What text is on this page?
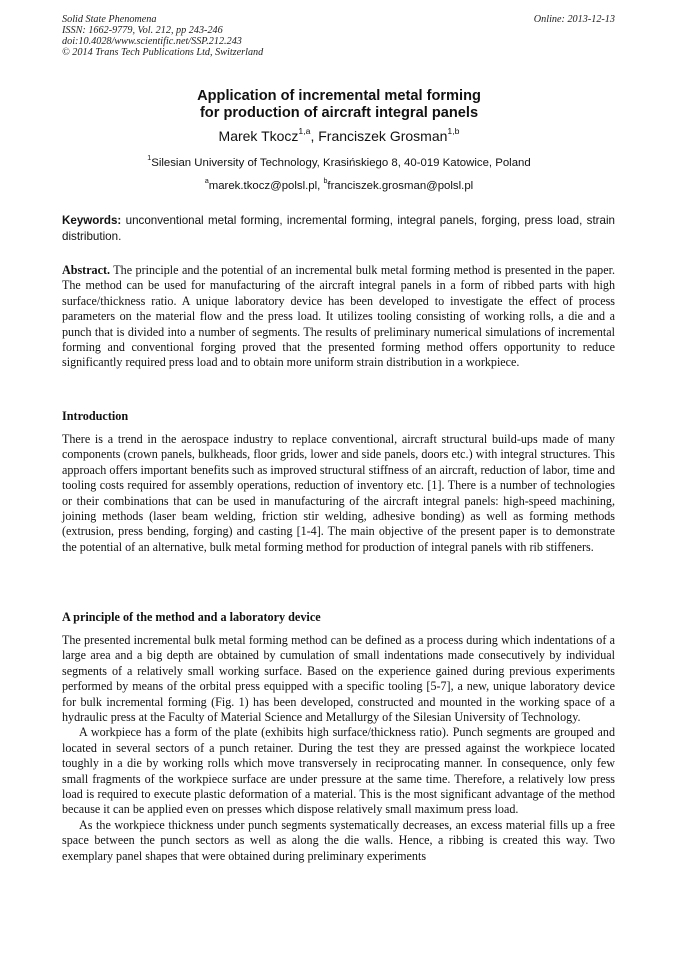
Solid State Phenomena
ISSN: 1662-9779, Vol. 212, pp 243-246
doi:10.4028/www.scientific.net/SSP.212.243
© 2014 Trans Tech Publications Ltd, Switzerland
Online: 2013-12-13
Application of incremental metal forming
for production of aircraft integral panels
Marek Tkocz$^{1,a}$, Franciszek Grosman$^{1,b}$
$^1$Silesian University of Technology, Krasińskiego 8, 40-019 Katowice, Poland
$^a$marek.tkocz@polsl.pl, $^b$franciszek.grosman@polsl.pl
Keywords: unconventional metal forming, incremental forming, integral panels, forging, press load, strain distribution.
Abstract. The principle and the potential of an incremental bulk metal forming method is presented in the paper. The method can be used for manufacturing of the aircraft integral panels in a form of ribbed parts with high surface/thickness ratio. A unique laboratory device has been developed to investigate the effect of process parameters on the material flow and the press load. It utilizes tooling consisting of working rolls, a die and a punch that is divided into a number of segments. The results of preliminary numerical simulations of incremental forming and conventional forging proved that the presented forming method offers opportunity to reduce significantly required press load and to obtain more uniform strain distribution in a workpiece.
Introduction

There is a trend in the aerospace industry to replace conventional, aircraft structural build-ups made of many components (crown panels, bulkheads, floor grids, lower and side panels, doors etc.) with integral structures. This approach offers important benefits such as improved structural stiffness of an aircraft, reduction of labor, time and tooling costs required for assembly operations, reduction of inventory etc. [1]. There is a number of technologies or their combinations that can be used in manufacturing of the aircraft integral panels: high-speed machining, joining methods (laser beam welding, friction stir welding, adhesive bonding) as well as forming methods (extrusion, press bending, forging) and casting [1-4]. The main objective of the present paper is to demonstrate the potential of an alternative, bulk metal forming method for production of integral panels with rib stiffeners.

A principle of the method and a laboratory device

The presented incremental bulk metal forming method can be defined as a process during which indentations of a large area and a big depth are obtained by cumulation of small indentations made consecutively by individual segments of a relatively small working surface. Based on the experience gained during previous experiments performed by means of the orbital press equipped with a specific tooling [5-7], a new, unique laboratory device for bulk incremental forming (Fig. 1) has been developed, constructed and mounted in the working space of a hydraulic press at the Faculty of Material Science and Metallurgy of the Silesian University of Technology.

A workpiece has a form of the plate (exhibits high surface/thickness ratio). Punch segments are grouped and located in several sectors of a punch retainer. During the test they are pressed against the workpiece located toughly in a die by working rolls which move transversely in reciprocating manner. In consequence, only few small fragments of the workpiece surface are under pressure at the same time. Therefore, a relatively low press load is required to execute plastic deformation of a material. This is the most significant advantage of the method because it can be applied even on presses which dispose relatively small maximum press load.

As the workpiece thickness under punch segments systematically decreases, an excess material fills up a free space between the punch sectors as well as along the die walls. Hence, a ribbing is created this way. Two exemplary panel shapes that were obtained during preliminary experiments
